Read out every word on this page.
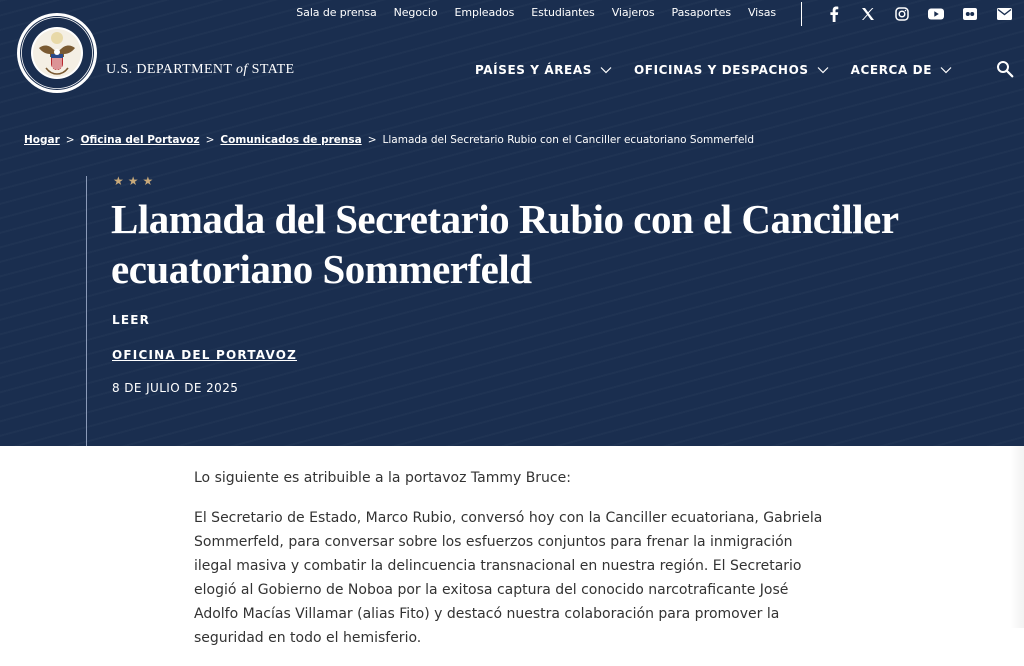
Sala de prensa Negocio Empleados Estudiantes Viajeros Pasaportes Visas
U.S. DEPARTMENT of STATE	PAÍSES Y ÁREAS	OFICINAS Y DESPACHOS	ACERCA DE
Hogar > Oficina del Portavoz > Comunicados de prensa > Llamada del Secretario Rubio con el Canciller ecuatoriano Sommerfeld
★★★
Llamada del Secretario Rubio con el Canciller ecuatoriano Sommerfeld
LEER
OFICINA DEL PORTAVOZ
8 DE JULIO DE 2025

Lo siguiente es atribuible a la portavoz Tammy Bruce:

El Secretario de Estado, Marco Rubio, conversó hoy con la Canciller ecuatoriana, Gabriela Sommerfeld, para conversar sobre los esfuerzos conjuntos para frenar la inmigración ilegal masiva y combatir la delincuencia transnacional en nuestra región. El Secretario elogió al Gobierno de Noboa por la exitosa captura del conocido narcotraficante José Adolfo Macías Villamar (alias Fito) y destacó nuestra colaboración para promover la seguridad en todo el hemisferio.
